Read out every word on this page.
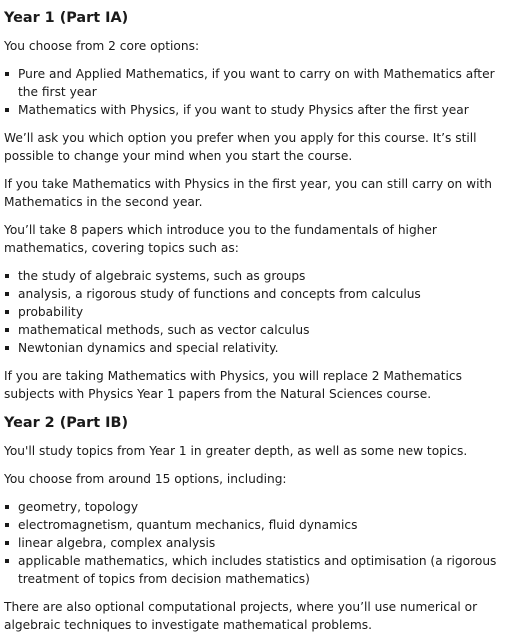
Year 1 (Part IA)

You choose from 2 core options:

Pure and Applied Mathematics, if you want to carry on with Mathematics after the first year
Mathematics with Physics, if you want to study Physics after the first year

We’ll ask you which option you prefer when you apply for this course. It’s still possible to change your mind when you start the course.

If you take Mathematics with Physics in the first year, you can still carry on with Mathematics in the second year.

You’ll take 8 papers which introduce you to the fundamentals of higher mathematics, covering topics such as:

the study of algebraic systems, such as groups
analysis, a rigorous study of functions and concepts from calculus
probability
mathematical methods, such as vector calculus
Newtonian dynamics and special relativity.

If you are taking Mathematics with Physics, you will replace 2 Mathematics subjects with Physics Year 1 papers from the Natural Sciences course.

Year 2 (Part IB)

You'll study topics from Year 1 in greater depth, as well as some new topics.

You choose from around 15 options, including:

geometry, topology
electromagnetism, quantum mechanics, fluid dynamics
linear algebra, complex analysis
applicable mathematics, which includes statistics and optimisation (a rigorous treatment of topics from decision mathematics)

There are also optional computational projects, where you’ll use numerical or algebraic techniques to investigate mathematical problems.
